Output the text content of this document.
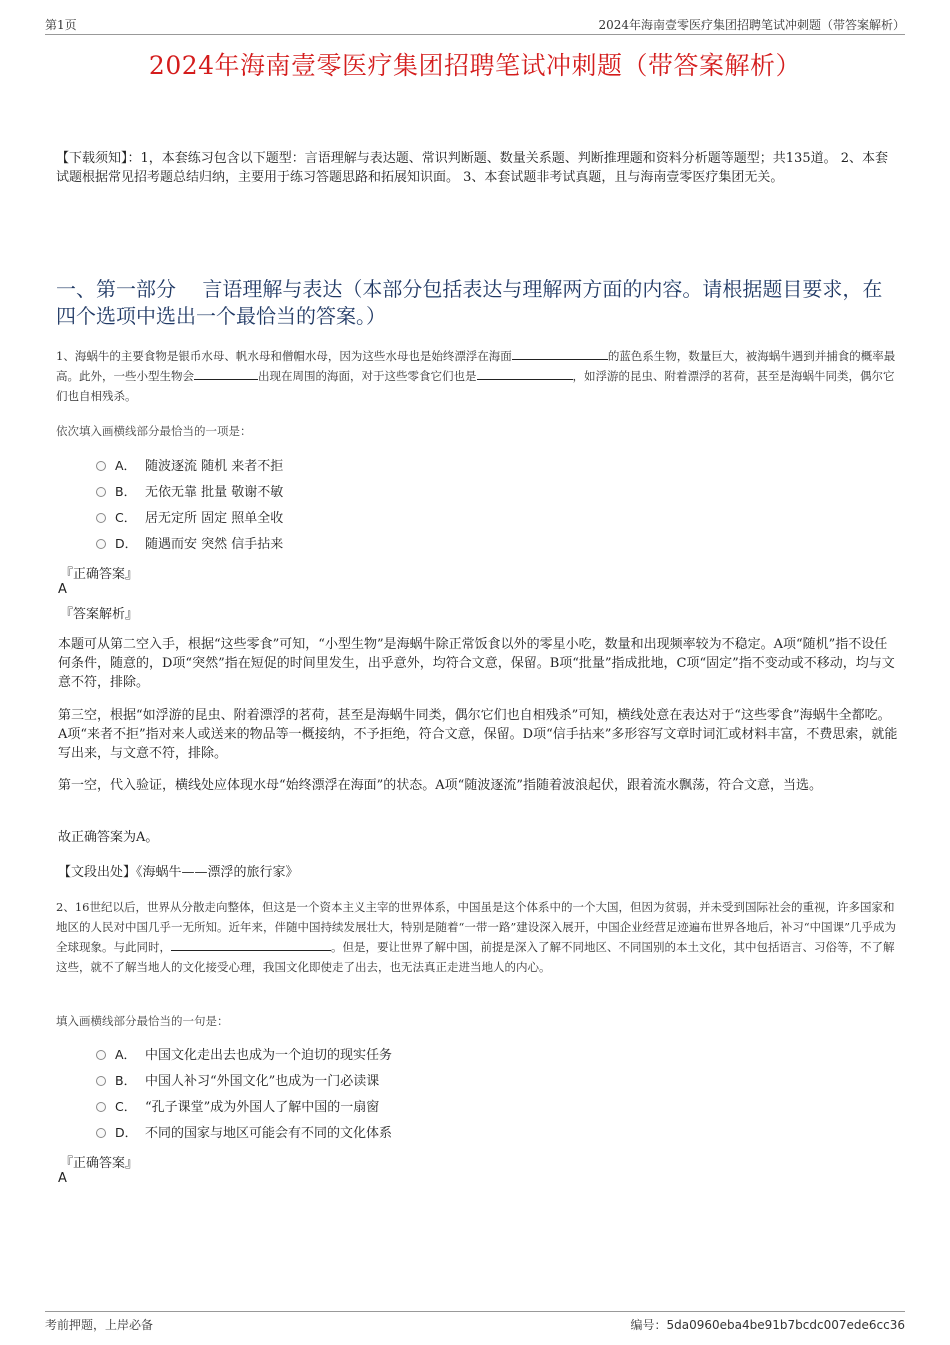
第1页	2024年海南壹零医疗集团招聘笔试冲刺题（带答案解析）
2024年海南壹零医疗集团招聘笔试冲刺题（带答案解析）
【下载须知】：1，本套练习包含以下题型：言语理解与表达题、常识判断题、数量关系题、判断推理题和资料分析题等题型；共135道。 2、本套试题根据常见招考题总结归纳，主要用于练习答题思路和拓展知识面。 3、本套试题非考试真题，且与海南壹零医疗集团无关。
一、第一部分　 言语理解与表达（本部分包括表达与理解两方面的内容。请根据题目要求，在四个选项中选出一个最恰当的答案。）
1、海蜗牛的主要食物是银币水母、帆水母和僧帽水母，因为这些水母也是始终漂浮在海面	的蓝色系生物，数量巨大，被海蜗牛遇到并捕食的概率最高。此外，一些小型生物会	出现在周围的海面，对于这些零食它们也是	，如浮游的昆虫、附着漂浮的茗荷，甚至是海蜗牛同类，偶尔它们也自相残杀。
依次填入画横线部分最恰当的一项是：
A． 随波逐流 随机 来者不拒
B． 无依无靠 批量 敬谢不敏
C． 居无定所 固定 照单全收
D． 随遇而安 突然 信手拈来
『正确答案』
A
『答案解析』
本题可从第二空入手，根据“这些零食”可知，“小型生物”是海蜗牛除正常饭食以外的零星小吃，数量和出现频率较为不稳定。A项“随机”指不设任何条件，随意的，D项“突然”指在短促的时间里发生，出乎意外，均符合文意，保留。B项“批量”指成批地，C项“固定”指不变动或不移动，均与文意不符，排除。
第三空，根据“如浮游的昆虫、附着漂浮的茗荷，甚至是海蜗牛同类，偶尔它们也自相残杀”可知，横线处意在表达对于“这些零食”海蜗牛全都吃。A项“来者不拒”指对来人或送来的物品等一概接纳，不予拒绝，符合文意，保留。D项“信手拈来”多形容写文章时词汇或材料丰富，不费思索，就能写出来，与文意不符，排除。
第一空，代入验证，横线处应体现水母“始终漂浮在海面”的状态。A项“随波逐流”指随着波浪起伏，跟着流水飘荡，符合文意，当选。
故正确答案为A。
【文段出处】《海蜗牛——漂浮的旅行家》
2、16世纪以后，世界从分散走向整体，但这是一个资本主义主宰的世界体系，中国虽是这个体系中的一个大国，但因为贫弱，并未受到国际社会的重视，许多国家和地区的人民对中国几乎一无所知。近年来，伴随中国持续发展壮大，特别是随着“一带一路”建设深入展开，中国企业经营足迹遍布世界各地后，补习“中国课”几乎成为全球现象。与此同时，	。但是，要让世界了解中国，前提是深入了解不同地区、不同国别的本土文化，其中包括语言、习俗等，不了解这些，就不了解当地人的文化接受心理，我国文化即使走了出去，也无法真正走进当地人的内心。
填入画横线部分最恰当的一句是：
A． 中国文化走出去也成为一个迫切的现实任务
B． 中国人补习“外国文化”也成为一门必读课
C． “孔子课堂”成为外国人了解中国的一扇窗
D． 不同的国家与地区可能会有不同的文化体系
『正确答案』
A
考前押题，上岸必备	编号：5da0960eba4be91b7bcdc007ede6cc36
